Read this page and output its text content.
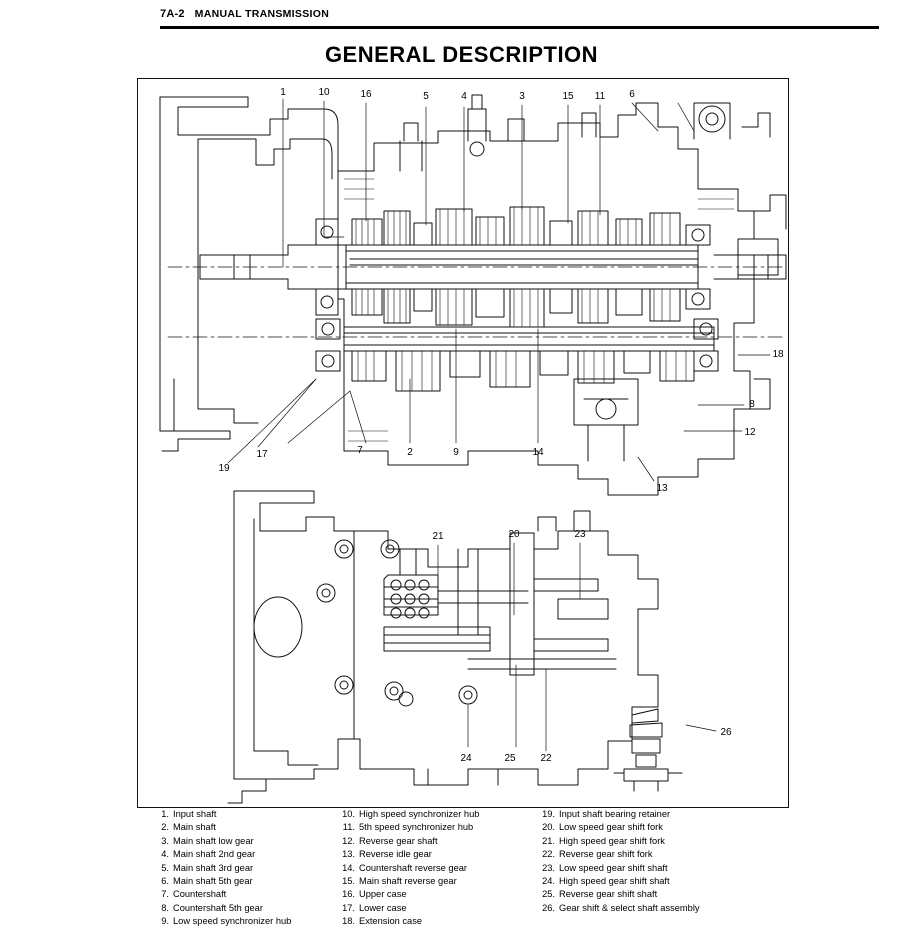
7A-2 MANUAL TRANSMISSION
GENERAL DESCRIPTION
1	10	16	5	4	3	15 11 6
18
8
12
13
14
9
2
7
17
19
21	20	23
26
22
25
24
1. Input shaft
2. Main shaft
3. Main shaft low gear
4. Main shaft 2nd gear
5. Main shaft 3rd gear
6. Main shaft 5th gear
7. Countershaft
8. Countershaft 5th gear
9. Low speed synchronizer hub
10. High speed synchronizer hub
11. 5th speed synchronizer hub
12. Reverse gear shaft
13. Reverse idle gear
14. Countershaft reverse gear
15. Main shaft reverse gear
16. Upper case
17. Lower case
18. Extension case
19. Input shaft bearing retainer
20. Low speed gear shift fork
21. High speed gear shift fork
22. Reverse gear shift fork
23. Low speed gear shift shaft
24. High speed gear shift shaft
25. Reverse gear shift shaft
26. Gear shift & select shaft assembly
